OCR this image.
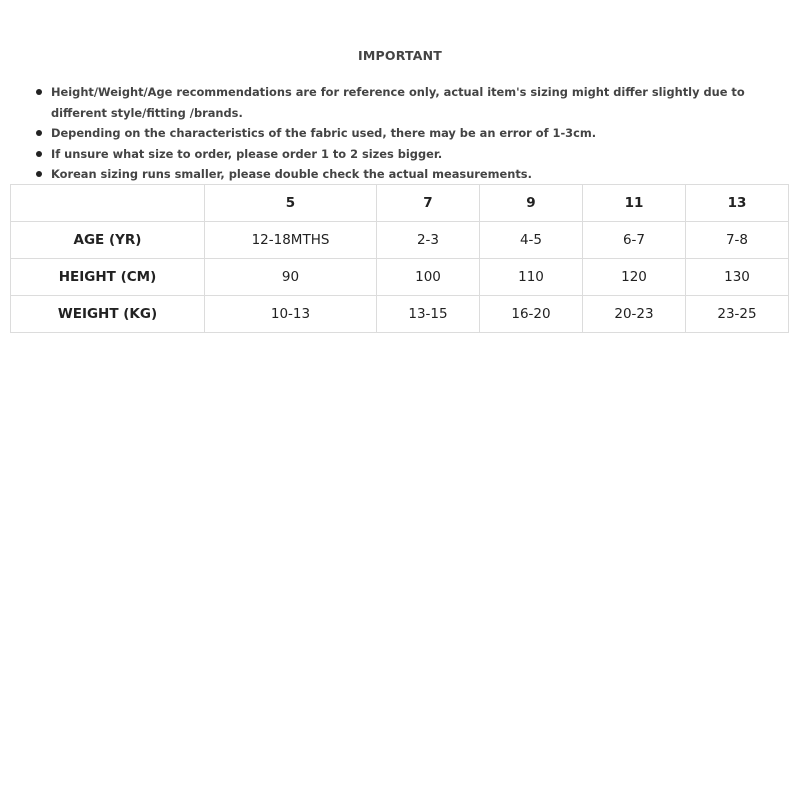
IMPORTANT
Height/Weight/Age recommendations are for reference only, actual item's sizing might differ slightly due to different style/fitting /brands.
Depending on the characteristics of the fabric used, there may be an error of 1-3cm.
If unsure what size to order, please order 1 to 2 sizes bigger.
Korean sizing runs smaller, please double check the actual measurements.
	5	7	9	11	13
AGE (YR)	12-18MTHS	2-3	4-5	6-7	7-8
HEIGHT (CM)	90	100	110	120	130
WEIGHT (KG)	10-13	13-15	16-20	20-23	23-25
